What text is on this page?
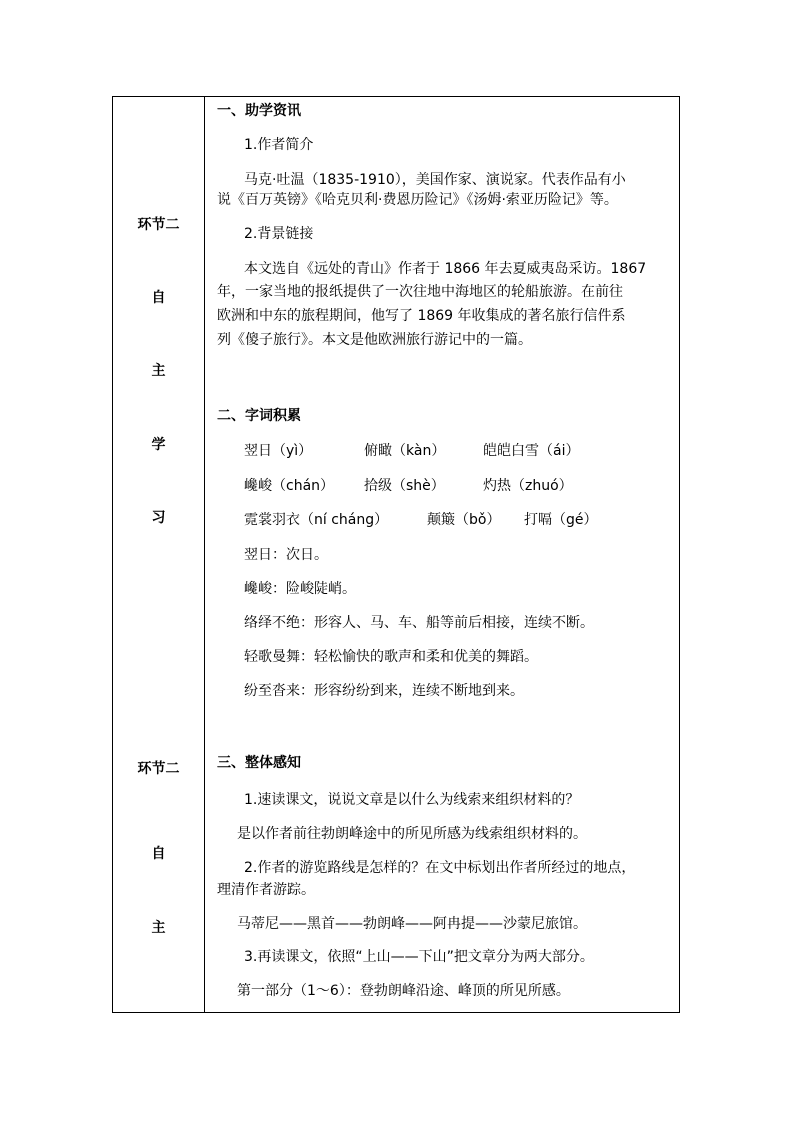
环节二
自
主
学
习
环节二
自
主
一、助学资讯
1.作者简介
马克·吐温（1835-1910），美国作家、演说家。代表作品有小
说《百万英镑》《哈克贝利·费恩历险记》《汤姆·索亚历险记》等。
2.背景链接
本文选自《远处的青山》作者于 1866 年去夏威夷岛采访。1867
年，一家当地的报纸提供了一次往地中海地区的轮船旅游。在前往
欧洲和中东的旅程期间，他写了 1869 年收集成的著名旅行信件系
列《傻子旅行》。本文是他欧洲旅行游记中的一篇。
二、字词积累
翌日（yì）	俯瞰（kàn）	皑皑白雪（ái）
巉峻（chán） 拾级（shè）	灼热（zhuó）
霓裳羽衣（ní cháng）	颠簸（bǒ） 打嗝（gé）
翌日：次日。
巉峻：险峻陡峭。
络绎不绝：形容人、马、车、船等前后相接，连续不断。
轻歌曼舞：轻松愉快的歌声和柔和优美的舞蹈。
纷至沓来：形容纷纷到来，连续不断地到来。
三、整体感知
1.速读课文，说说文章是以什么为线索来组织材料的？
是以作者前往勃朗峰途中的所见所感为线索组织材料的。
2.作者的游览路线是怎样的？在文中标划出作者所经过的地点，
理清作者游踪。
马蒂尼——黑首——勃朗峰——阿冉提——沙蒙尼旅馆。
3.再读课文，依照“上山——下山”把文章分为两大部分。
第一部分（1～6）：登勃朗峰沿途、峰顶的所见所感。
